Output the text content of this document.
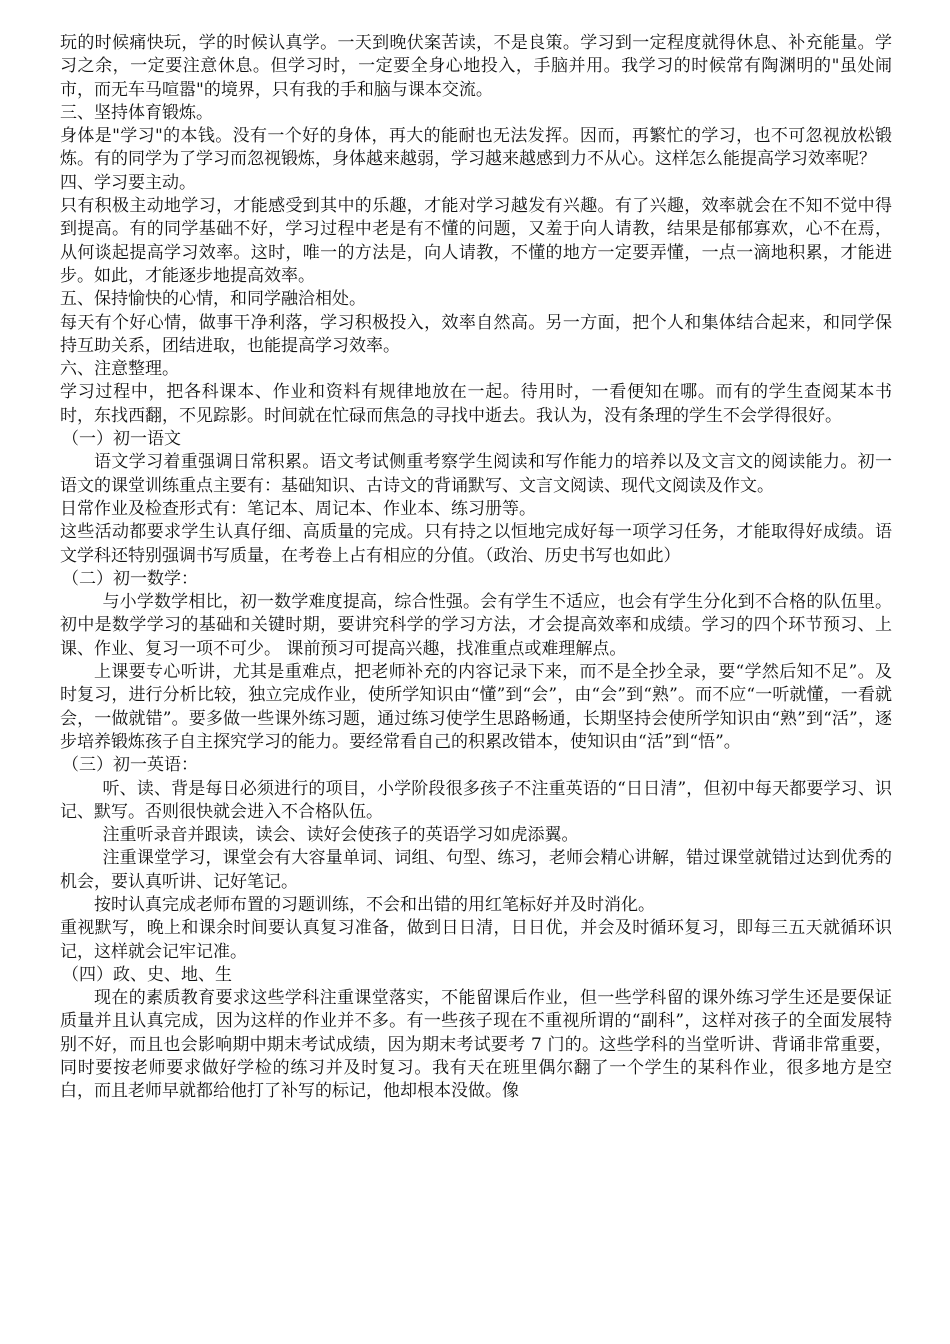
玩的时候痛快玩，学的时候认真学。一天到晚伏案苦读，不是良策。学习到一定程度就得休息、补充能量。学习之余，一定要注意休息。但学习时，一定要全身心地投入，手脑并用。我学习的时候常有陶渊明的"虽处闹市，而无车马喧嚣"的境界，只有我的手和脑与课本交流。

三、坚持体育锻炼。

身体是"学习"的本钱。没有一个好的身体，再大的能耐也无法发挥。因而，再繁忙的学习，也不可忽视放松锻炼。有的同学为了学习而忽视锻炼，身体越来越弱，学习越来越感到力不从心。这样怎么能提高学习效率呢？

四、学习要主动。

只有积极主动地学习，才能感受到其中的乐趣，才能对学习越发有兴趣。有了兴趣，效率就会在不知不觉中得到提高。有的同学基础不好，学习过程中老是有不懂的问题，又羞于向人请教，结果是郁郁寡欢，心不在焉，从何谈起提高学习效率。这时，唯一的方法是，向人请教，不懂的地方一定要弄懂，一点一滴地积累，才能进步。如此，才能逐步地提高效率。

五、保持愉快的心情，和同学融洽相处。

每天有个好心情，做事干净利落，学习积极投入，效率自然高。另一方面，把个人和集体结合起来，和同学保持互助关系，团结进取，也能提高学习效率。

六、注意整理。

学习过程中，把各科课本、作业和资料有规律地放在一起。待用时，一看便知在哪。而有的学生查阅某本书时，东找西翻，不见踪影。时间就在忙碌而焦急的寻找中逝去。我认为，没有条理的学生不会学得很好。

（一）初一语文

语文学习着重强调日常积累。语文考试侧重考察学生阅读和写作能力的培养以及文言文的阅读能力。初一语文的课堂训练重点主要有：基础知识、古诗文的背诵默写、文言文阅读、现代文阅读及作文。

日常作业及检查形式有：笔记本、周记本、作业本、练习册等。

这些活动都要求学生认真仔细、高质量的完成。只有持之以恒地完成好每一项学习任务，才能取得好成绩。语文学科还特别强调书写质量，在考卷上占有相应的分值。（政治、历史书写也如此）

（二）初一数学：

与小学数学相比，初一数学难度提高，综合性强。会有学生不适应，也会有学生分化到不合格的队伍里。初中是数学学习的基础和关键时期，要讲究科学的学习方法，才会提高效率和成绩。学习的四个环节预习、上课、作业、复习一项不可少。 课前预习可提高兴趣，找准重点或难理解点。

上课要专心听讲，尤其是重难点，把老师补充的内容记录下来，而不是全抄全录，要“学然后知不足”。及时复习，进行分析比较，独立完成作业，使所学知识由“懂”到“会”，由“会”到“熟”。而不应“一听就懂，一看就会，一做就错”。要多做一些课外练习题，通过练习使学生思路畅通，长期坚持会使所学知识由“熟”到“活”，逐步培养锻炼孩子自主探究学习的能力。要经常看自己的积累改错本，使知识由“活”到“悟”。

（三）初一英语：

听、读、背是每日必须进行的项目，小学阶段很多孩子不注重英语的“日日清”，但初中每天都要学习、识记、默写。否则很快就会进入不合格队伍。

注重听录音并跟读，读会、读好会使孩子的英语学习如虎添翼。

注重课堂学习，课堂会有大容量单词、词组、句型、练习，老师会精心讲解，错过课堂就错过达到优秀的机会，要认真听讲、记好笔记。

按时认真完成老师布置的习题训练，不会和出错的用红笔标好并及时消化。

重视默写，晚上和课余时间要认真复习准备，做到日日清，日日优，并会及时循环复习，即每三五天就循环识记，这样就会记牢记准。

（四）政、史、地、生

现在的素质教育要求这些学科注重课堂落实，不能留课后作业，但一些学科留的课外练习学生还是要保证质量并且认真完成，因为这样的作业并不多。有一些孩子现在不重视所谓的“副科”，这样对孩子的全面发展特别不好，而且也会影响期中期末考试成绩，因为期末考试要考 7 门的。这些学科的当堂听讲、背诵非常重要，同时要按老师要求做好学检的练习并及时复习。我有天在班里偶尔翻了一个学生的某科作业，很多地方是空白，而且老师早就都给他打了补写的标记，他却根本没做。像
